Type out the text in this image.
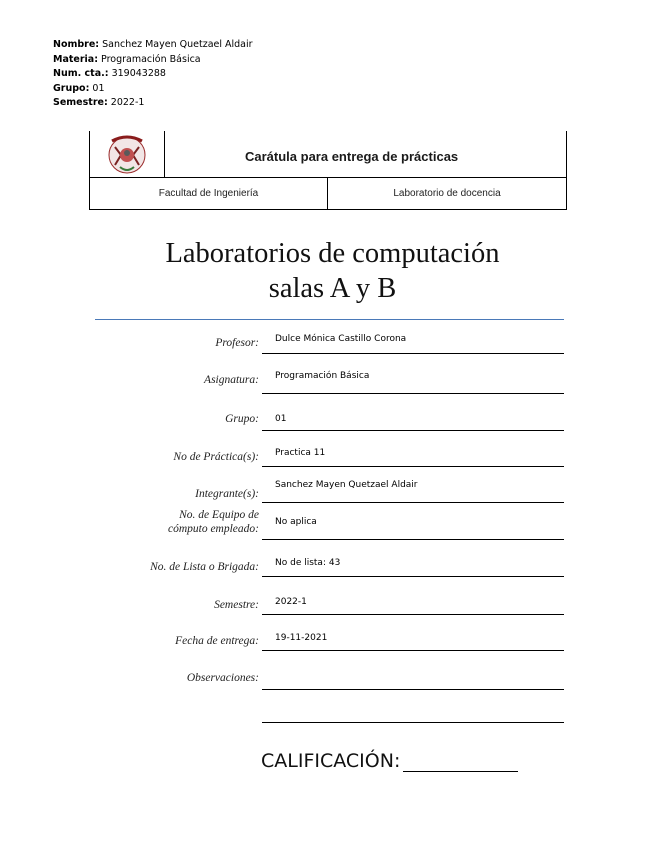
Nombre: Sanchez Mayen Quetzael Aldair
Materia: Programación Básica
Num. cta.: 319043288
Grupo: 01
Semestre: 2022-1
Carátula para entrega de prácticas
Facultad de Ingeniería	Laboratorio de docencia
Laboratorios de computación
salas A y B
Profesor: Dulce Mónica Castillo Corona
Asignatura: Programación Básica
Grupo: 01
No de Práctica(s): Practica 11
Integrante(s):
Sanchez Mayen Quetzael Aldair
No. de Equipo de
cómputo empleado:
No aplica
No. de Lista o Brigada: No de lista: 43
Semestre: 2022-1
Fecha de entrega: 19-11-2021
Observaciones:
CALIFICACIÓN:
